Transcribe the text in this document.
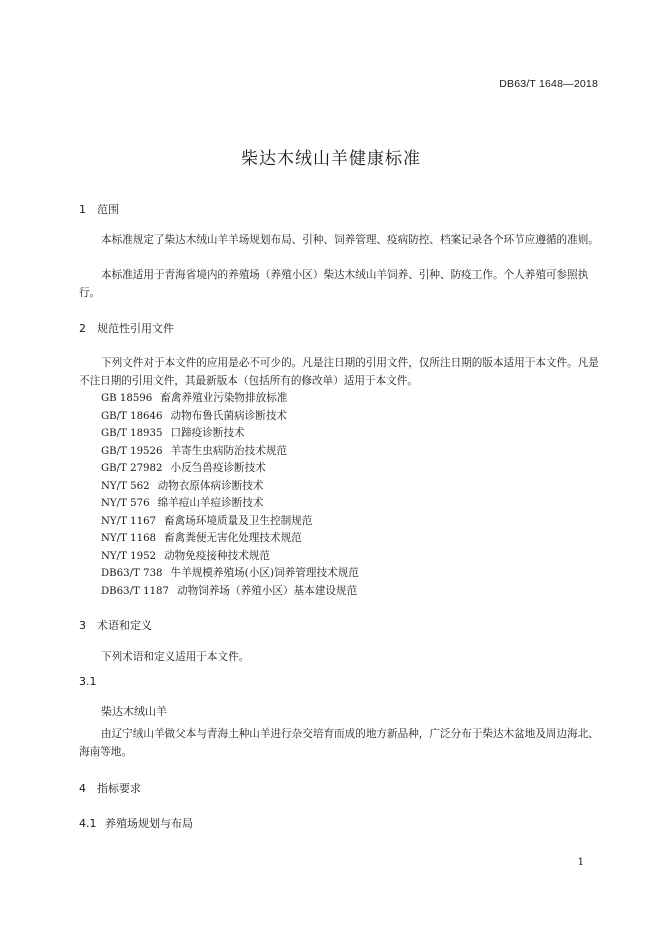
DB63/T 1648—2018
柴达木绒山羊健康标准
1 范围

本标准规定了柴达木绒山羊羊场规划布局、引种、饲养管理、疫病防控、档案记录各个环节应遵循的准则。

本标准适用于青海省境内的养殖场（养殖小区）柴达木绒山羊饲养、引种、防疫工作。个人养殖可参照执行。

2 规范性引用文件

下列文件对于本文件的应用是必不可少的。凡是注日期的引用文件，仅所注日期的版本适用于本文件。凡是不注日期的引用文件，其最新版本（包括所有的修改单）适用于本文件。

GB 18596 畜禽养殖业污染物排放标准
GB/T 18646 动物布鲁氏菌病诊断技术
GB/T 18935 口蹄疫诊断技术
GB/T 19526 羊寄生虫病防治技术规范
GB/T 27982 小反刍兽疫诊断技术
NY/T 562 动物衣原体病诊断技术
NY/T 576 绵羊痘山羊痘诊断技术
NY/T 1167 畜禽场环境质量及卫生控制规范
NY/T 1168 畜禽粪便无害化处理技术规范
NY/T 1952 动物免疫接种技术规范
DB63/T 738 牛羊规模养殖场(小区)饲养管理技术规范
DB63/T 1187 动物饲养场（养殖小区）基本建设规范
3 术语和定义

下列术语和定义适用于本文件。

3.1
柴达木绒山羊

由辽宁绒山羊做父本与青海土种山羊进行杂交培育而成的地方新品种，广泛分布于柴达木盆地及周边海北、海南等地。

4 指标要求
4.1 养殖场规划与布局
1
